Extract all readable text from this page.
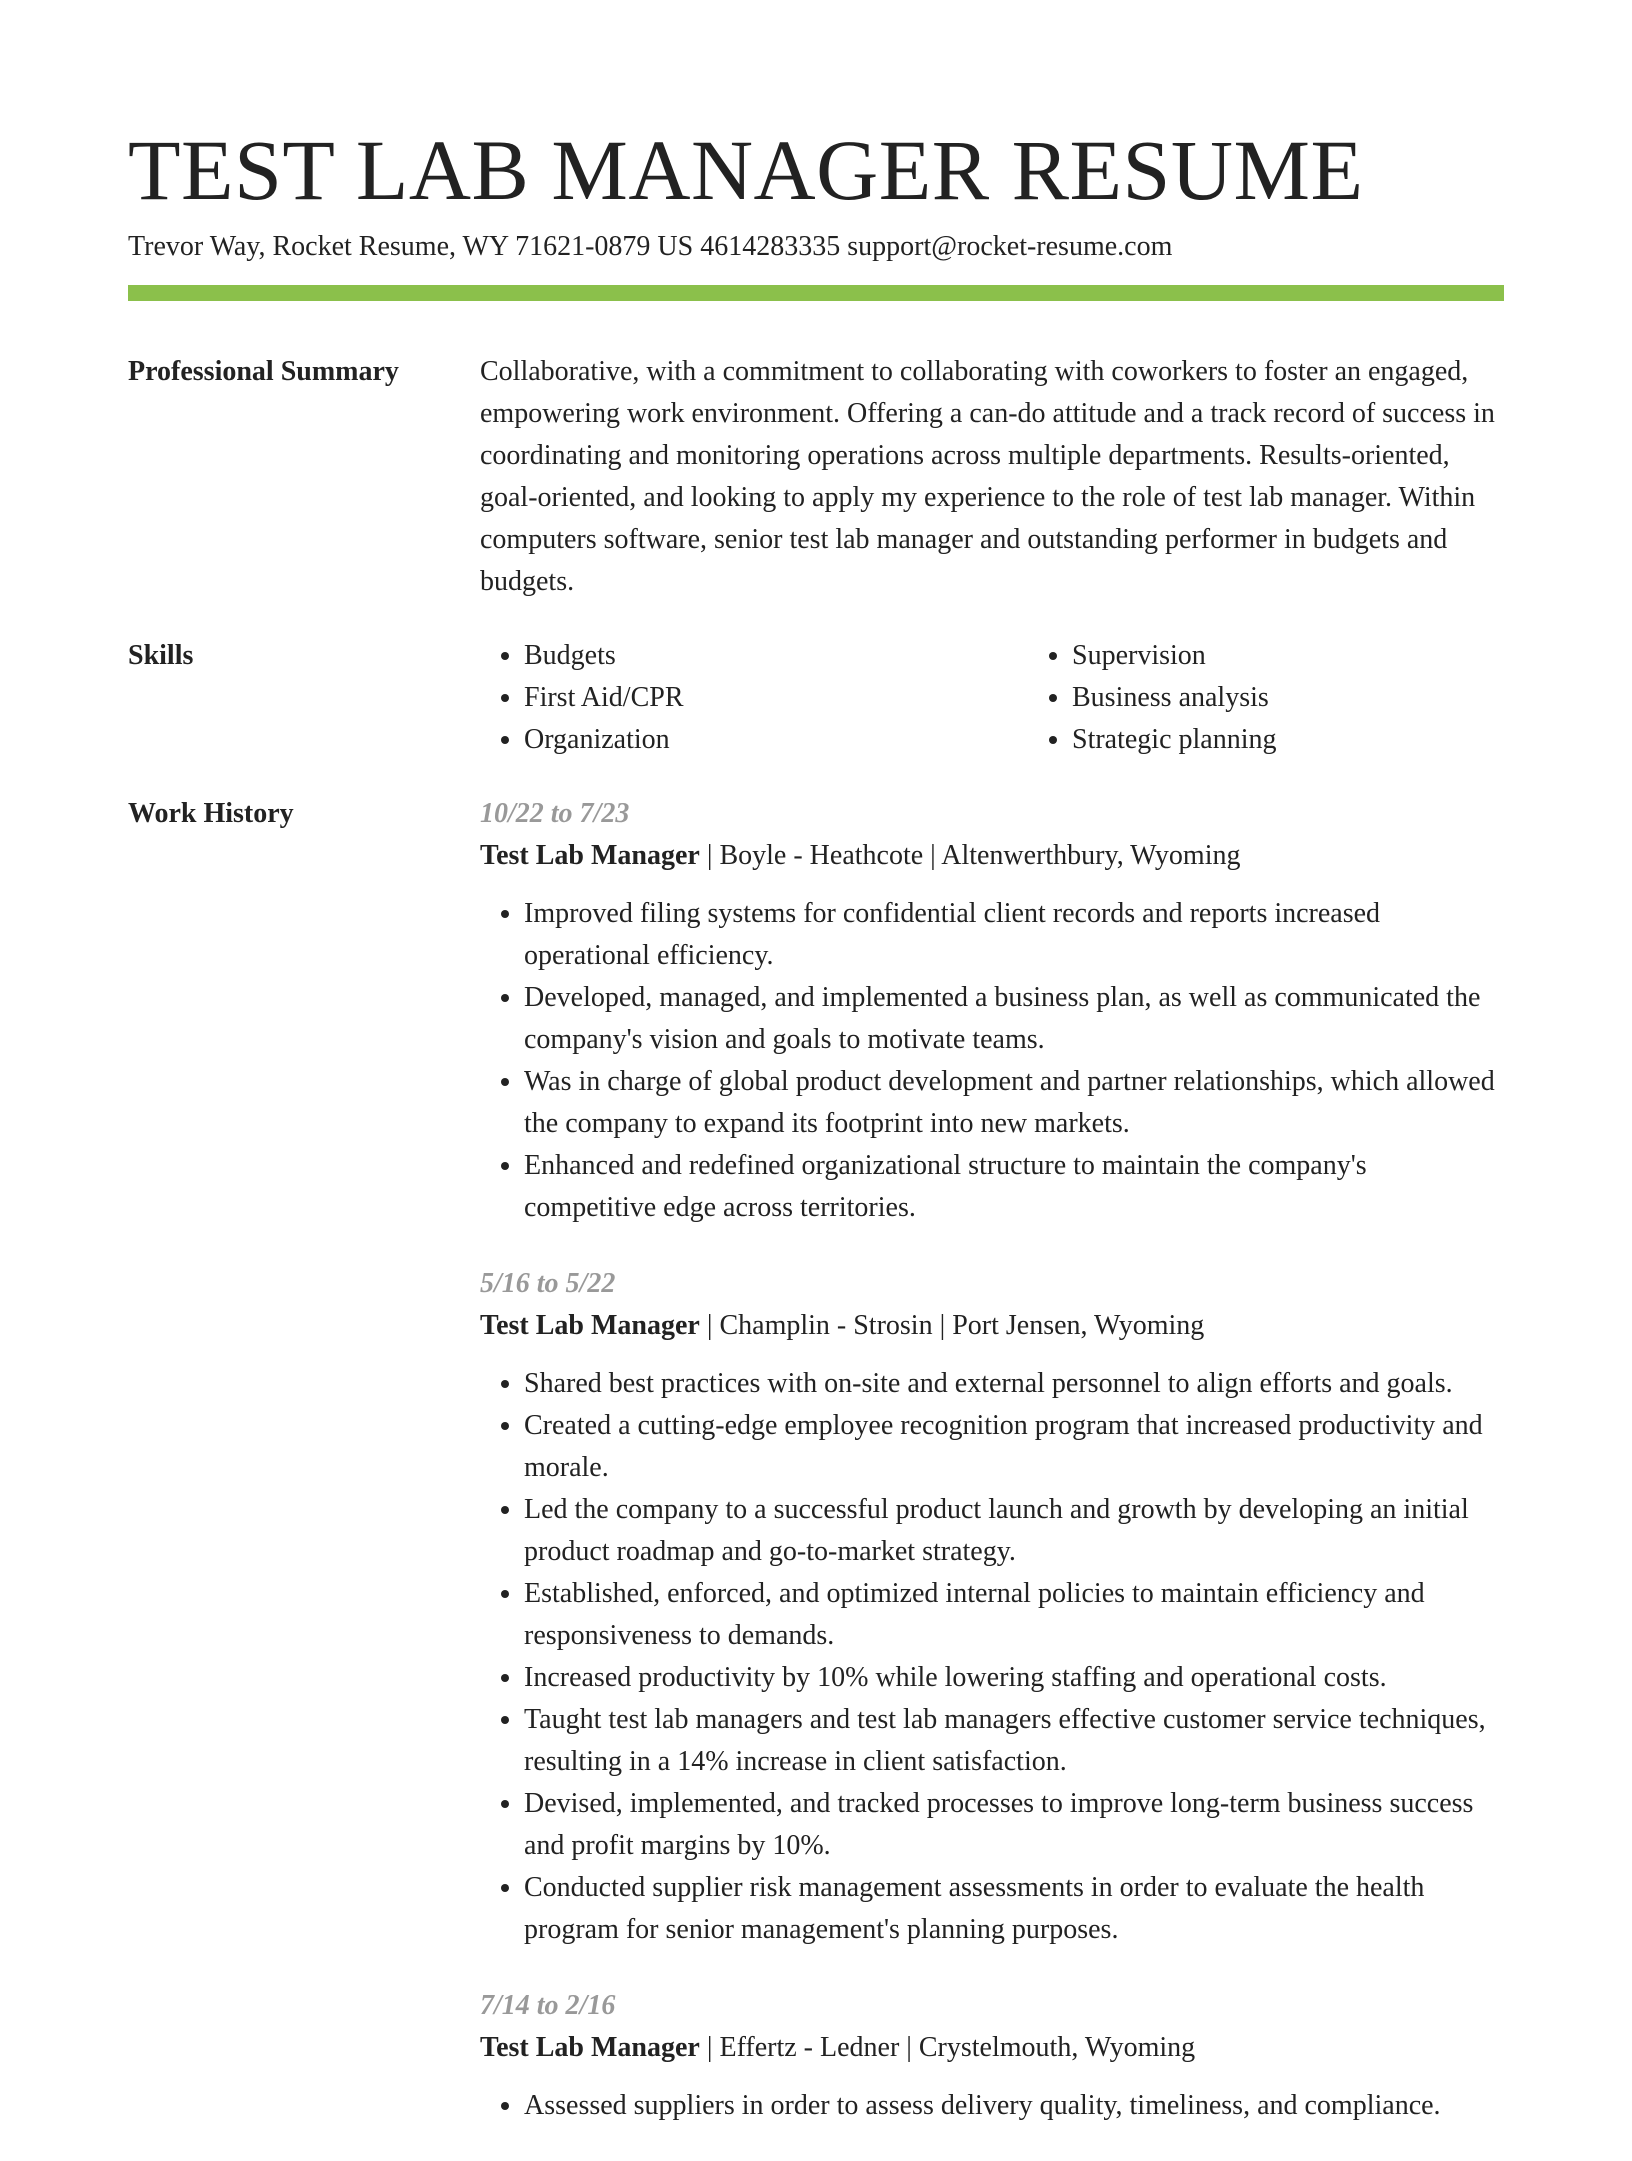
TEST LAB MANAGER RESUME
Trevor Way, Rocket Resume, WY 71621-0879 US 4614283335 support@rocket-resume.com
Professional Summary	Collaborative, with a commitment to collaborating with coworkers to foster an engaged, empowering work environment. Offering a can-do attitude and a track record of success in coordinating and monitoring operations across multiple departments. Results-oriented, goal-oriented, and looking to apply my experience to the role of test lab manager. Within computers software, senior test lab manager and outstanding performer in budgets and budgets.
Skills
•	Budgets
• First Aid/CPR
• Organization
• Supervision
• Business analysis
• Strategic planning
Work History	10/22 to 7/23
Test Lab Manager | Boyle - Heathcote | Altenwerthbury, Wyoming
• Improved filing systems for confidential client records and reports increased operational efficiency.
• Developed, managed, and implemented a business plan, as well as communicated the company's vision and goals to motivate teams.
• Was in charge of global product development and partner relationships, which allowed the company to expand its footprint into new markets.
• Enhanced and redefined organizational structure to maintain the company's competitive edge across territories.
5/16 to 5/22
Test Lab Manager | Champlin - Strosin | Port Jensen, Wyoming
• Shared best practices with on-site and external personnel to align efforts and goals.
• Created a cutting-edge employee recognition program that increased productivity and morale.
• Led the company to a successful product launch and growth by developing an initial product roadmap and go-to-market strategy.
• Established, enforced, and optimized internal policies to maintain efficiency and responsiveness to demands.
• Increased productivity by 10% while lowering staffing and operational costs.
• Taught test lab managers and test lab managers effective customer service techniques, resulting in a 14% increase in client satisfaction.
• Devised, implemented, and tracked processes to improve long-term business success and profit margins by 10%.
• Conducted supplier risk management assessments in order to evaluate the health program for senior management's planning purposes.
7/14 to 2/16
Test Lab Manager | Effertz - Ledner | Crystelmouth, Wyoming
• Assessed suppliers in order to assess delivery quality, timeliness, and compliance.
